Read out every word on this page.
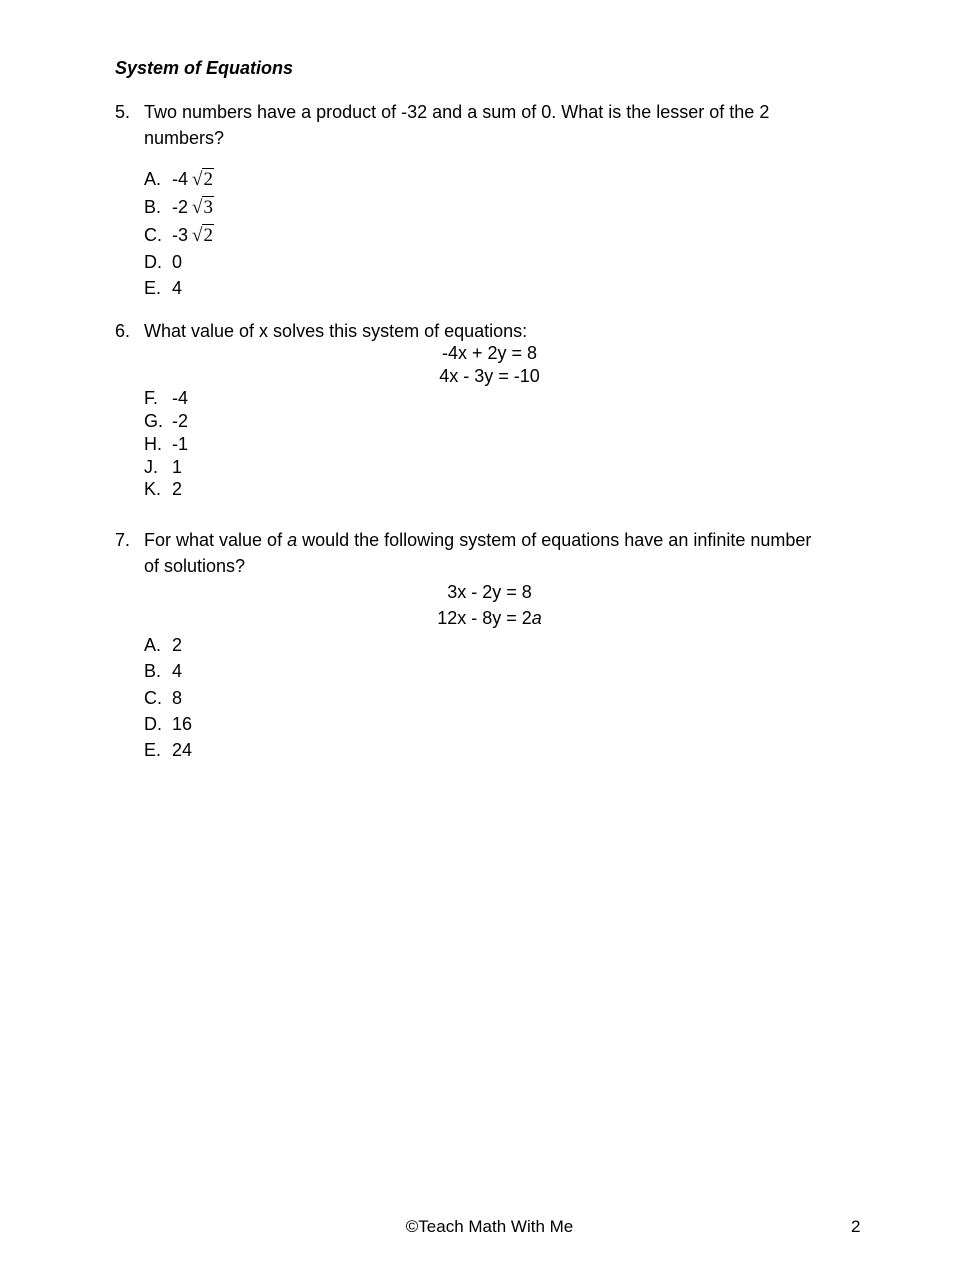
System of Equations
5. Two numbers have a product of -32 and a sum of 0. What is the lesser of the 2
numbers?
A. -4 √2
B. -2 √3
C. -3 √2
D. 0
E. 4
6. What value of x solves this system of equations:
-4x + 2y = 8
4x - 3y = -10
F. -4
G. -2
H. -1
J. 1
K. 2
7. For what value of a would the following system of equations have an infinite number
of solutions?
3x - 2y = 8
12x - 8y = 2a
A. 2
B. 4
C. 8
D. 16
E. 24
©Teach Math With Me	2
